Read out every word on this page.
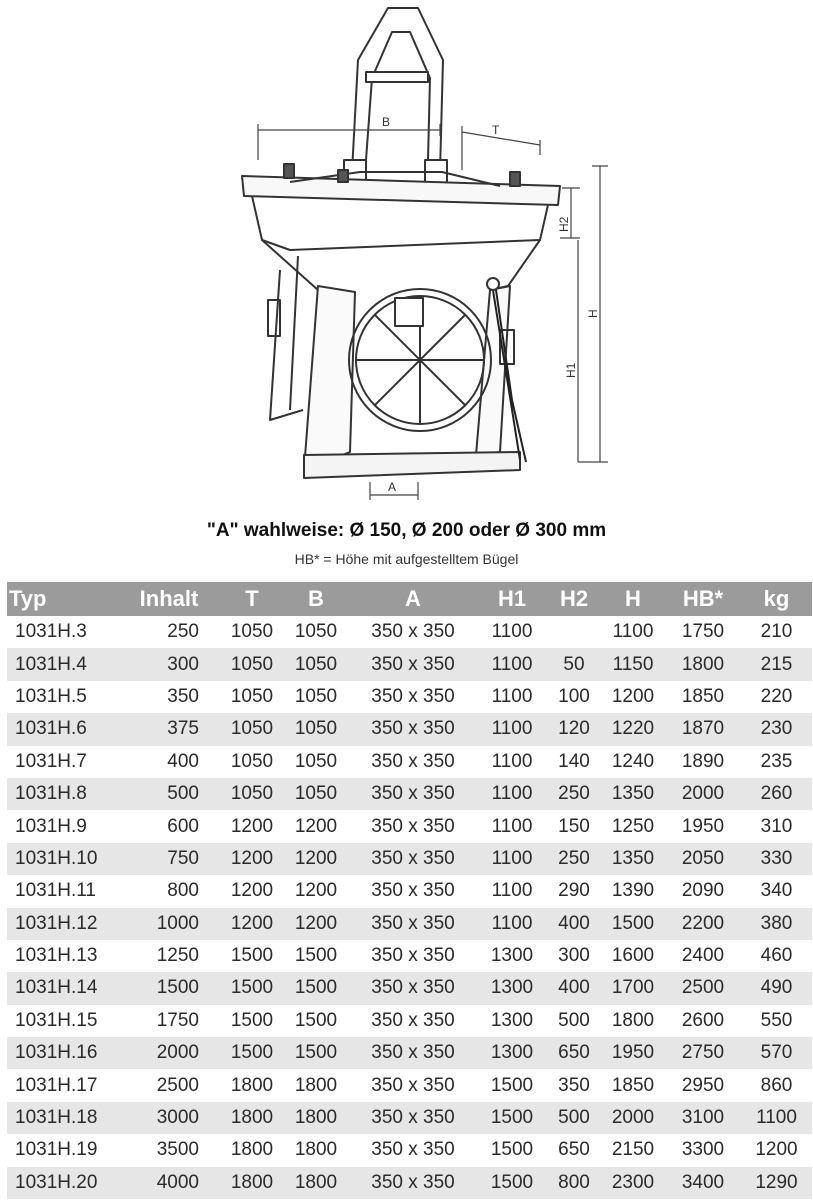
B
T
A
H
H1
H2
"A" wahlweise: Ø 150, Ø 200 oder Ø 300 mm
HB* = Höhe mit aufgestelltem Bügel
Typ	Inhalt	T	B	A	H1	H2	H	HB*	kg
1031H.3	250	1050	1050	350 x 350	1100		1100	1750	210
1031H.4	300	1050	1050	350 x 350	1100	50	1150	1800	215
1031H.5	350	1050	1050	350 x 350	1100	100	1200	1850	220
1031H.6	375	1050	1050	350 x 350	1100	120	1220	1870	230
1031H.7	400	1050	1050	350 x 350	1100	140	1240	1890	235
1031H.8	500	1050	1050	350 x 350	1100	250	1350	2000	260
1031H.9	600	1200	1200	350 x 350	1100	150	1250	1950	310
1031H.10	750	1200	1200	350 x 350	1100	250	1350	2050	330
1031H.11	800	1200	1200	350 x 350	1100	290	1390	2090	340
1031H.12	1000	1200	1200	350 x 350	1100	400	1500	2200	380
1031H.13	1250	1500	1500	350 x 350	1300	300	1600	2400	460
1031H.14	1500	1500	1500	350 x 350	1300	400	1700	2500	490
1031H.15	1750	1500	1500	350 x 350	1300	500	1800	2600	550
1031H.16	2000	1500	1500	350 x 350	1300	650	1950	2750	570
1031H.17	2500	1800	1800	350 x 350	1500	350	1850	2950	860
1031H.18	3000	1800	1800	350 x 350	1500	500	2000	3100	1100
1031H.19	3500	1800	1800	350 x 350	1500	650	2150	3300	1200
1031H.20	4000	1800	1800	350 x 350	1500	800	2300	3400	1290
